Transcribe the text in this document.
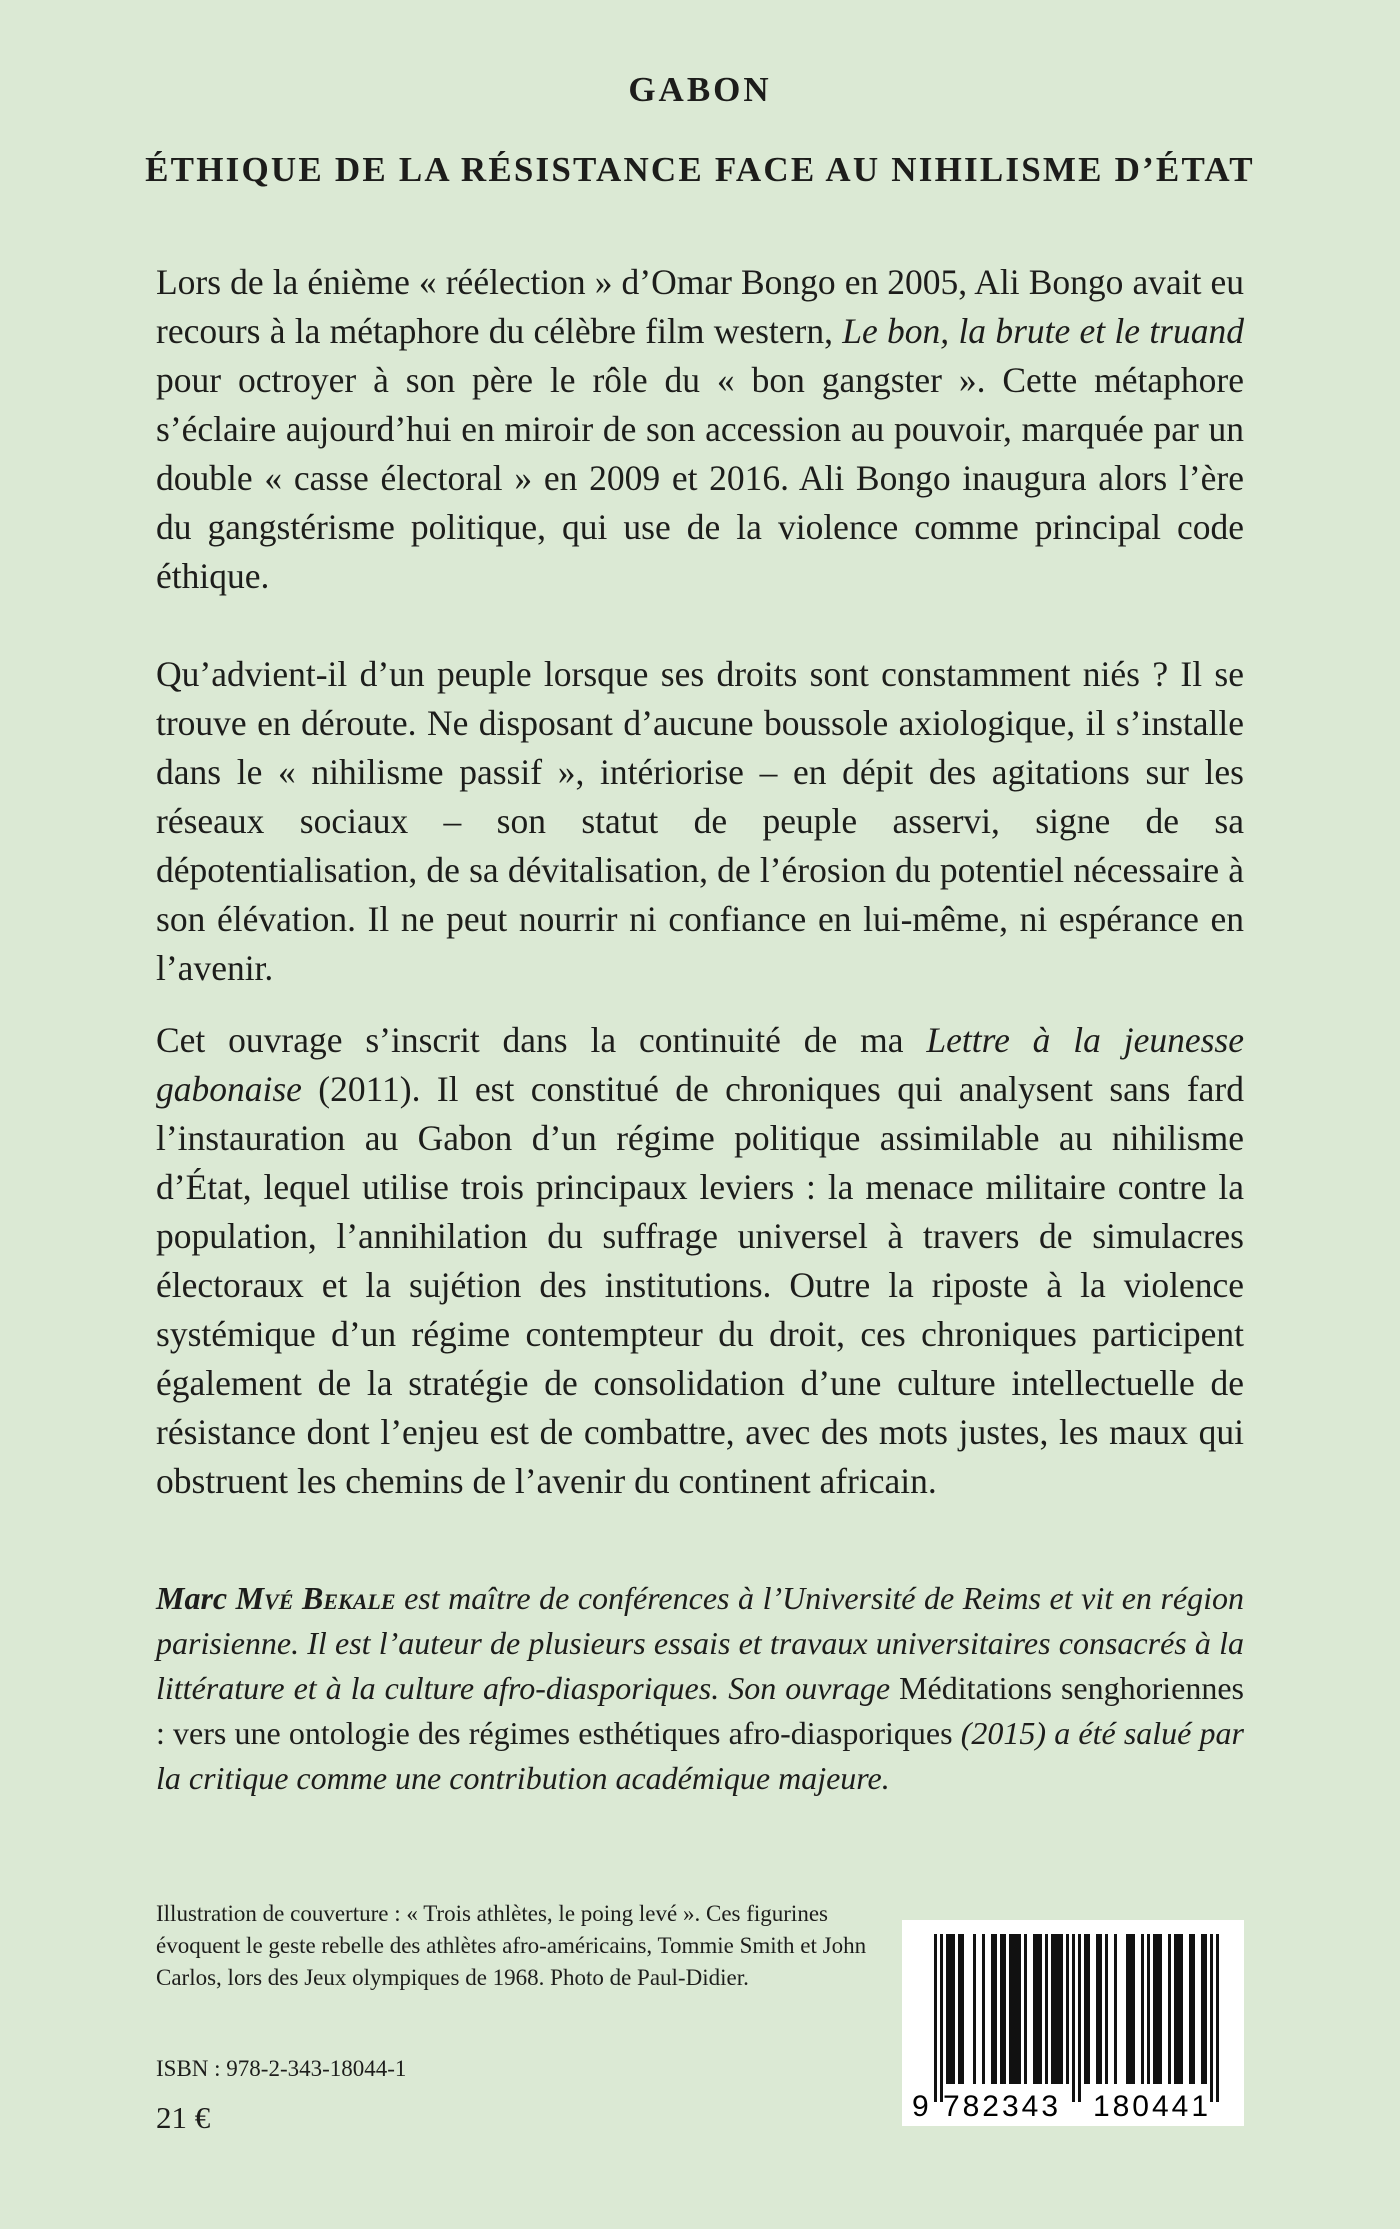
GABON
ÉTHIQUE DE LA RÉSISTANCE FACE AU NIHILISME D’ÉTAT

Lors de la énième « réélection » d’Omar Bongo en 2005, Ali Bongo avait eu recours à la métaphore du célèbre film western, Le bon, la brute et le truand pour octroyer à son père le rôle du « bon gangster ». Cette métaphore s’éclaire aujourd’hui en miroir de son accession au pouvoir, marquée par un double « casse électoral » en 2009 et 2016. Ali Bongo inaugura alors l’ère du gangstérisme politique, qui use de la violence comme principal code éthique.

Qu’advient-il d’un peuple lorsque ses droits sont constamment niés ? Il se trouve en déroute. Ne disposant d’aucune boussole axiologique, il s’installe dans le « nihilisme passif », intériorise – en dépit des agitations sur les réseaux sociaux – son statut de peuple asservi, signe de sa dépotentialisation, de sa dévitalisation, de l’érosion du potentiel nécessaire à son élévation. Il ne peut nourrir ni confiance en lui-même, ni espérance en l’avenir.

Cet ouvrage s’inscrit dans la continuité de ma Lettre à la jeunesse gabonaise (2011). Il est constitué de chroniques qui analysent sans fard l’instauration au Gabon d’un régime politique assimilable au nihilisme d’État, lequel utilise trois principaux leviers : la menace militaire contre la population, l’annihilation du suffrage universel à travers de simulacres électoraux et la sujétion des institutions. Outre la riposte à la violence systémique d’un régime contempteur du droit, ces chroniques participent également de la stratégie de consolidation d’une culture intellectuelle de résistance dont l’enjeu est de combattre, avec des mots justes, les maux qui obstruent les chemins de l’avenir du continent africain.

Marc Mvé Bekale est maître de conférences à l’Université de Reims et vit en région parisienne. Il est l’auteur de plusieurs essais et travaux universitaires consacrés à la littérature et à la culture afro-diasporiques. Son ouvrage Méditations senghoriennes : vers une ontologie des régimes esthétiques afro-diasporiques (2015) a été salué par la critique comme une contribution académique majeure.

Illustration de couverture : « Trois athlètes, le poing levé ». Ces figurines évoquent le geste rebelle des athlètes afro-américains, Tommie Smith et John Carlos, lors des Jeux olympiques de 1968. Photo de Paul-Didier.

ISBN : 978-2-343-18044-1

21 €	9 782343 180441
